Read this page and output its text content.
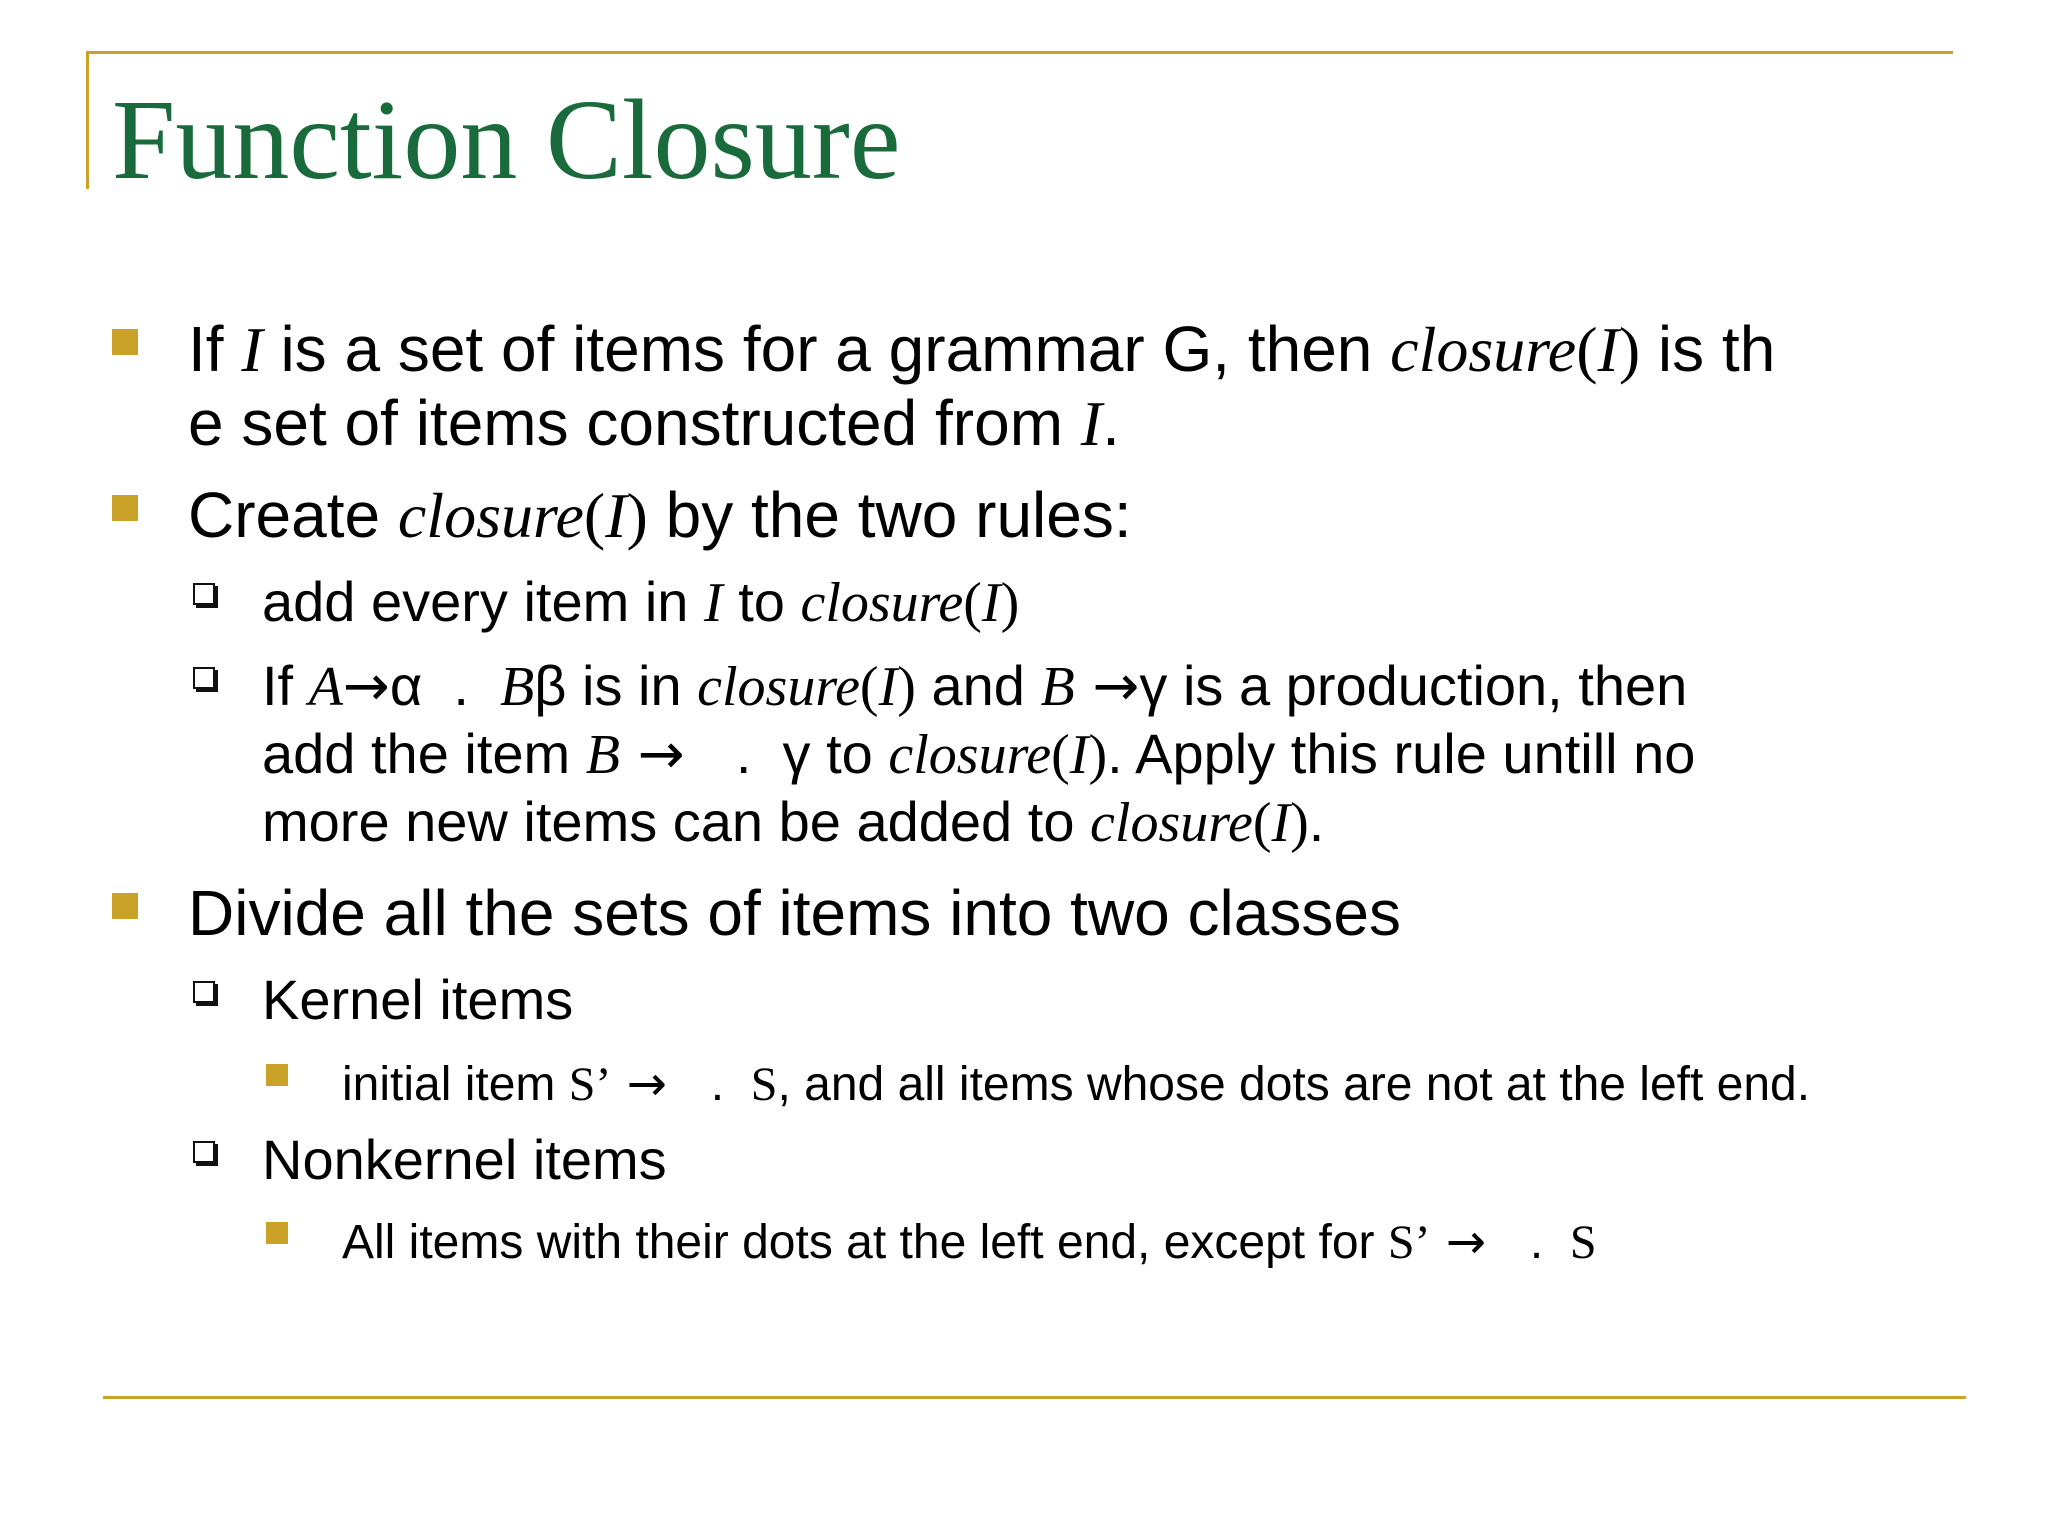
Function Closure
If I is a set of items for a grammar G, then closure(I) is th
e set of items constructed from I.
Create closure(I) by the two rules:
add every item in I to closure(I)
If A→α  .  Bβ is in closure(I) and B →γ is a production, then
add the item B →   .  γ to closure(I). Apply this rule untill no
more new items can be added to closure(I).
Divide all the sets of items into two classes
Kernel items
initial item S’ →   .  S, and all items whose dots are not at the left end.
Nonkernel items
All items with their dots at the left end, except for S’ →   .  S
